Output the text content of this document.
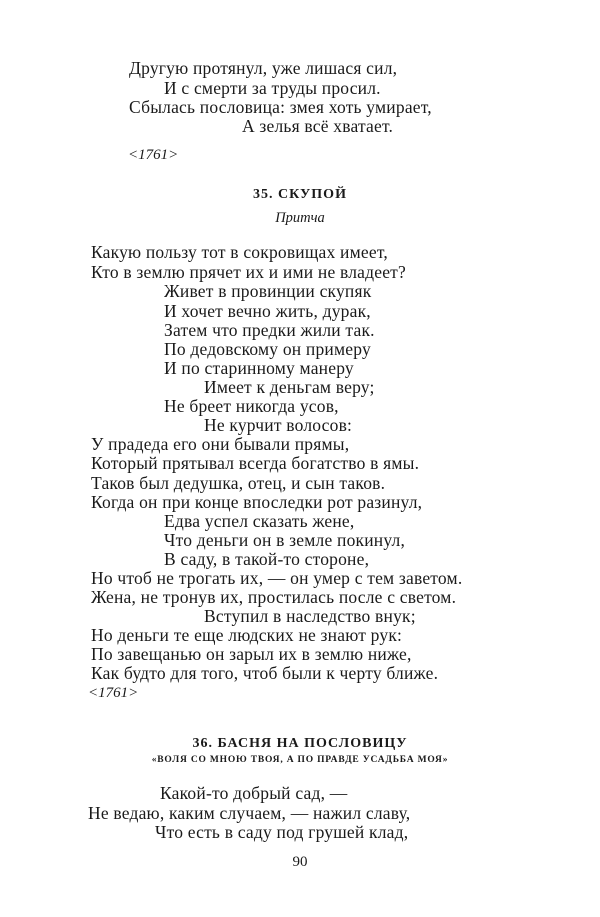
Другую протянул, уже лишася сил,
И с смерти за труды просил.
Сбылась пословица: змея хоть умирает,
А зелья всё хватает.
<1761>
35. СКУПОЙ
Притча
Какую пользу тот в сокровищах имеет,
Кто в землю прячет их и ими не владеет?
Живет в провинции скупяк
И хочет вечно жить, дурак,
Затем что предки жили так.
По дедовскому он примеру
И по старинному манеру
Имеет к деньгам веру;
Не бреет никогда усов,
Не курчит волосов:
У прадеда его они бывали прямы,
Который прятывал всегда богатство в ямы.
Таков был дедушка, отец, и сын таков.
Когда он при конце впоследки рот разинул,
Едва успел сказать жене,
Что деньги он в земле покинул,
В саду, в такой-то стороне,
Но чтоб не трогать их, — он умер с тем заветом.
Жена, не тронув их, простилась после с светом.
Вступил в наследство внук;
Но деньги те еще людских не знают рук:
По завещанью он зарыл их в землю ниже,
Как будто для того, чтоб были к черту ближе.
<1761>
36. БАСНЯ НА ПОСЛОВИЦУ
«ВОЛЯ СО МНОЮ ТВОЯ, А ПО ПРАВДЕ УСАДЬБА МОЯ»
Какой-то добрый сад, —
Не ведаю, каким случаем, — нажил славу,
Что есть в саду под грушей клад,
90
